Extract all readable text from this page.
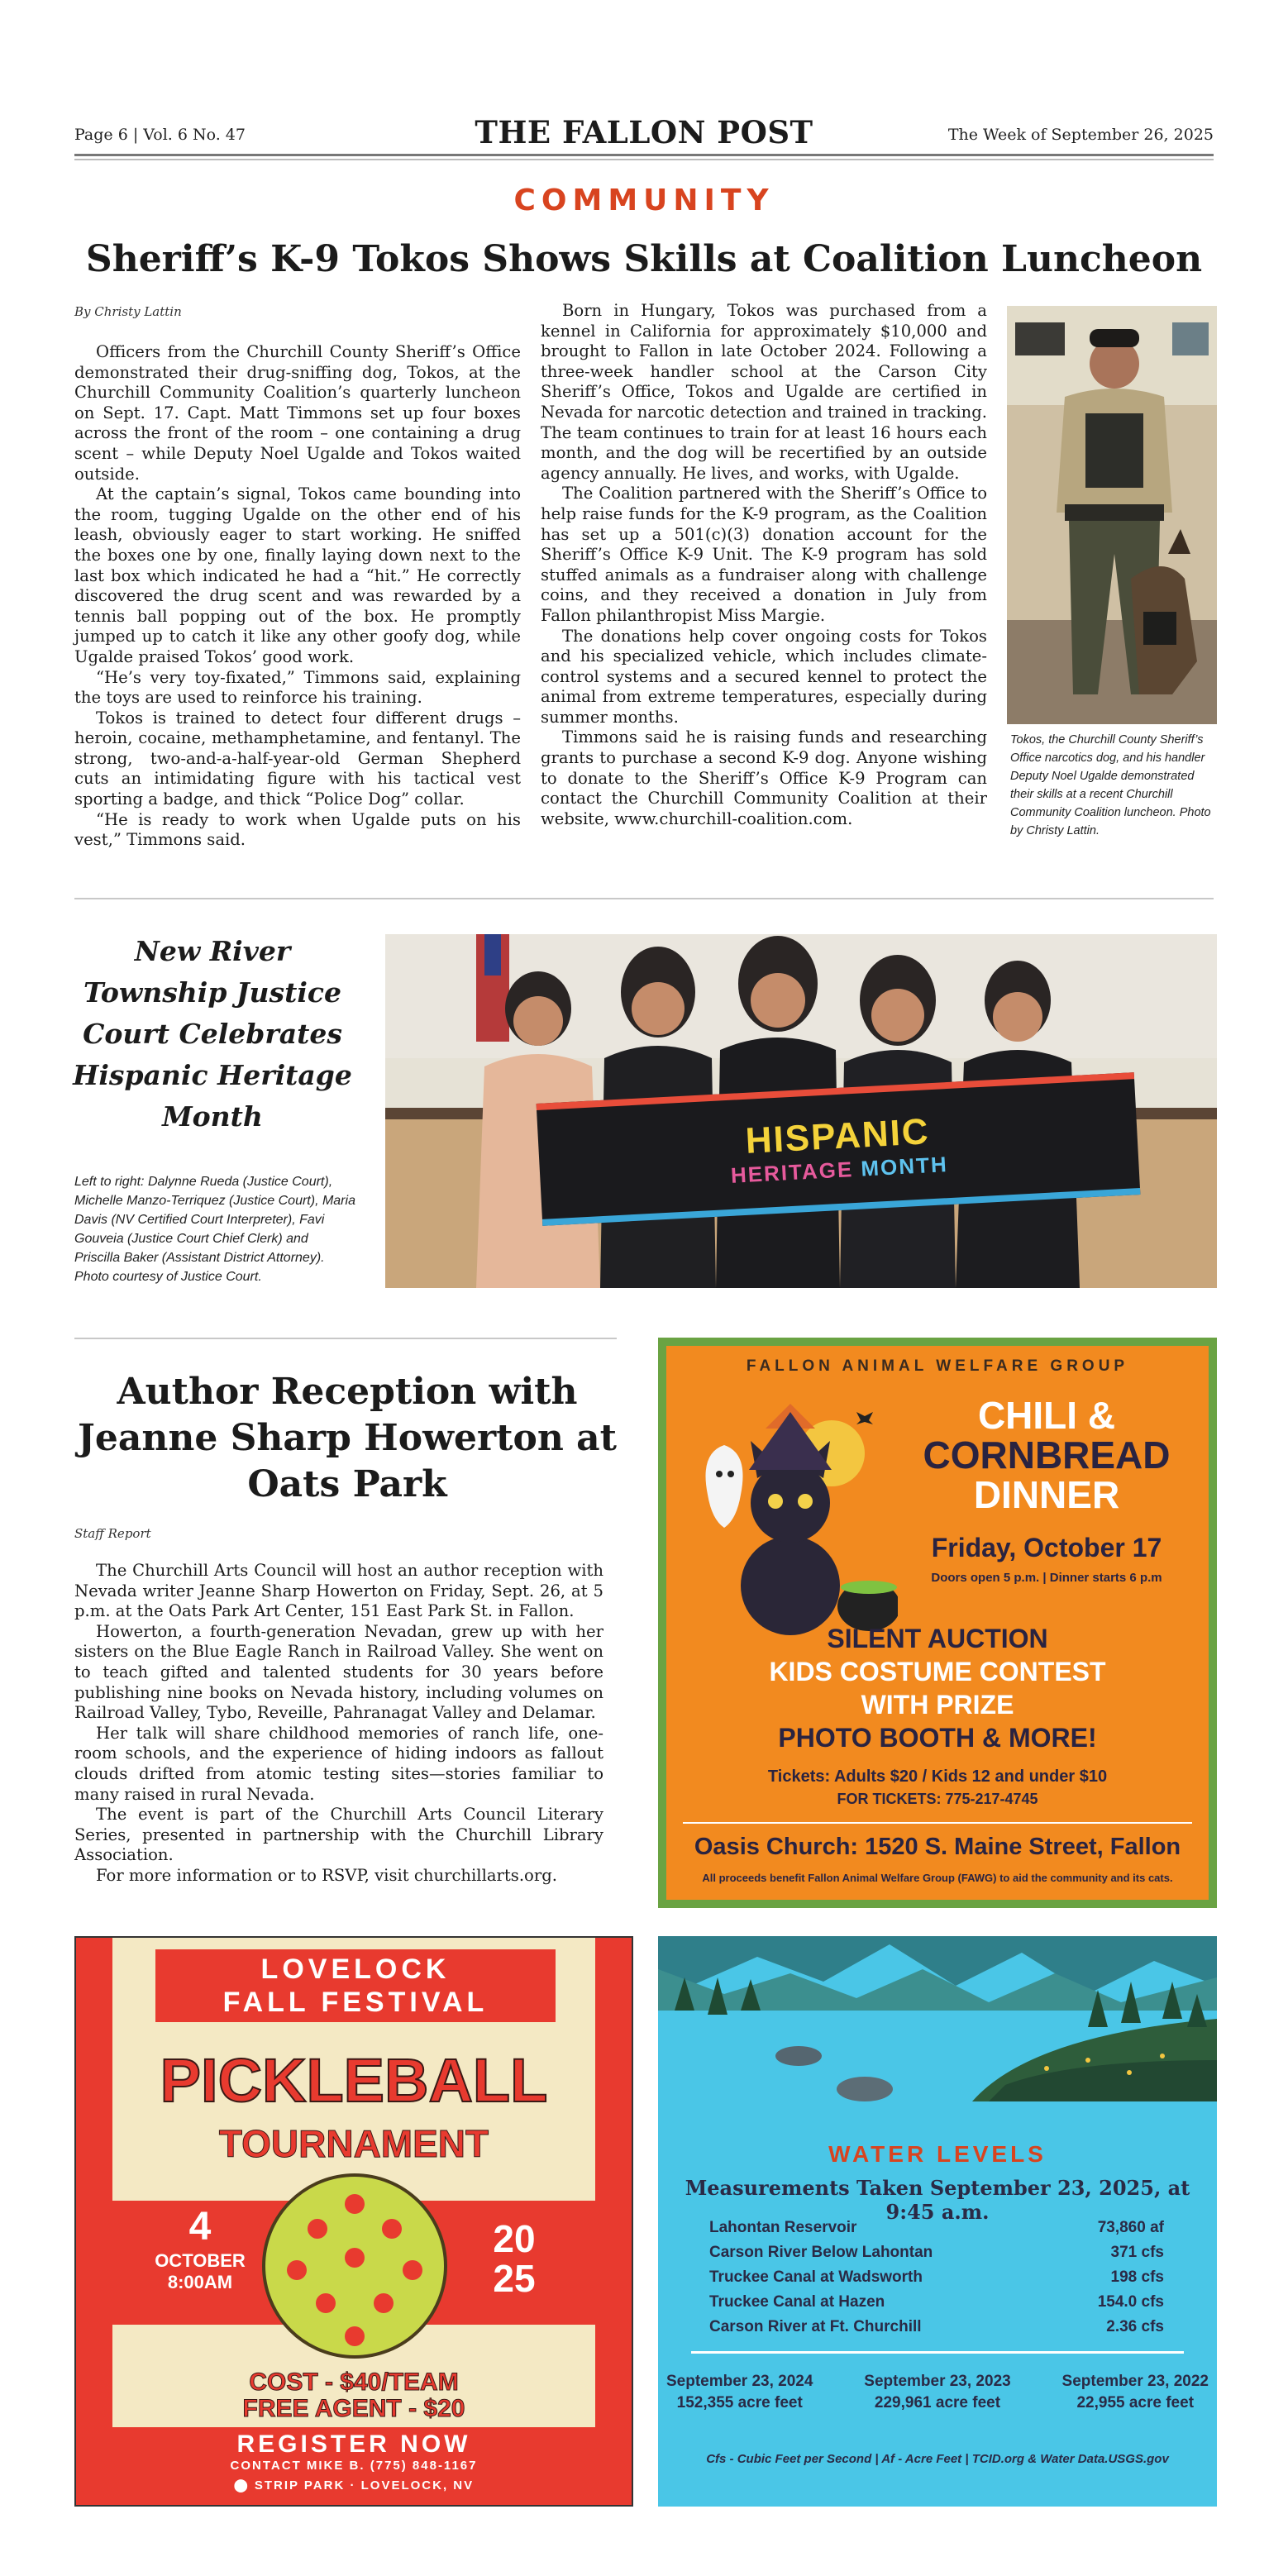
Page 6 | Vol. 6 No. 47	THE FALLON POST	The Week of September 26, 2025
COMMUNITY
Sheriff’s K-9 Tokos Shows Skills at Coalition Luncheon
By Christy Lattin

Officers from the Churchill County Sheriff’s Office demonstrated their drug-sniffing dog, Tokos, at the Churchill Community Coalition’s quarterly luncheon on Sept. 17. Capt. Matt Timmons set up four boxes across the front of the room – one containing a drug scent – while Deputy Noel Ugalde and Tokos waited outside.

At the captain’s signal, Tokos came bounding into the room, tugging Ugalde on the other end of his leash, obviously eager to start working. He sniffed the boxes one by one, finally laying down next to the last box which indicated he had a “hit.” He correctly discovered the drug scent and was rewarded by a tennis ball popping out of the box. He promptly jumped up to catch it like any other goofy dog, while Ugalde praised Tokos’ good work.

“He’s very toy-fixated,” Timmons said, explaining the toys are used to reinforce his training.

Tokos is trained to detect four different drugs – heroin, cocaine, methamphetamine, and fentanyl. The strong, two-and-a-half-year-old German Shepherd cuts an intimidating figure with his tactical vest sporting a badge, and thick “Police Dog” collar.

“He is ready to work when Ugalde puts on his vest,” Timmons said.

Born in Hungary, Tokos was purchased from a kennel in California for approximately $10,000 and brought to Fallon in late October 2024. Following a three-week handler school at the Carson City Sheriff’s Office, Tokos and Ugalde are certified in Nevada for narcotic detection and trained in tracking. The team continues to train for at least 16 hours each month, and the dog will be recertified by an outside agency annually. He lives, and works, with Ugalde.

The Coalition partnered with the Sheriff’s Office to help raise funds for the K-9 program, as the Coalition has set up a 501(c)(3) donation account for the Sheriff’s Office K-9 Unit. The K-9 program has sold stuffed animals as a fundraiser along with challenge coins, and they received a donation in July from Fallon philanthropist Miss Margie.

The donations help cover ongoing costs for Tokos and his specialized vehicle, which includes climate-control systems and a secured kennel to protect the animal from extreme temperatures, especially during summer months.

Timmons said he is raising funds and researching grants to purchase a second K-9 dog. Anyone wishing to donate to the Sheriff’s Office K-9 Program can contact the Churchill Community Coalition at their website, www.churchill-coalition.com.

Tokos, the Churchill County Sheriff’s Office narcotics dog, and his handler Deputy Noel Ugalde demonstrated their skills at a recent Churchill Community Coalition luncheon. Photo by Christy Lattin.
New River Township Justice Court Celebrates Hispanic Heritage Month
Left to right: Dalynne Rueda (Justice Court), Michelle Manzo-Terriquez (Justice Court), Maria Davis (NV Certified Court Interpreter), Favi Gouveia (Justice Court Chief Clerk) and Priscilla Baker (Assistant District Attorney). Photo courtesy of Justice Court.
HISPANIC
HERITAGE MONTH
Author Reception with Jeanne Sharp Howerton at Oats Park
Staff Report

The Churchill Arts Council will host an author reception with Nevada writer Jeanne Sharp Howerton on Friday, Sept. 26, at 5 p.m. at the Oats Park Art Center, 151 East Park St. in Fallon.

Howerton, a fourth-generation Nevadan, grew up with her sisters on the Blue Eagle Ranch in Railroad Valley. She went on to teach gifted and talented students for 30 years before publishing nine books on Nevada history, including volumes on Railroad Valley, Tybo, Reveille, Pahranagat Valley and Delamar.

Her talk will share childhood memories of ranch life, one-room schools, and the experience of hiding indoors as fallout clouds drifted from atomic testing sites—stories familiar to many raised in rural Nevada.

The event is part of the Churchill Arts Council Literary Series, presented in partnership with the Churchill Library Association.

For more information or to RSVP, visit churchillarts.org.

FALLON ANIMAL WELFARE GROUP
CHILI &
CORNBREAD
DINNER
Friday, October 17
Doors open 5 p.m. | Dinner starts 6 p.m
SILENT AUCTION
KIDS COSTUME CONTEST
WITH PRIZE
PHOTO BOOTH & MORE!
Tickets: Adults $20 / Kids 12 and under $10
FOR TICKETS: 775-217-4745
Oasis Church: 1520 S. Maine Street, Fallon
All proceeds benefit Fallon Animal Welfare Group (FAWG) to aid the community and its cats.
LOVELOCK
FALL FESTIVAL
PICKLEBALL
TOURNAMENT
4
OCTOBER
8:00AM
20
25
COST - $40/TEAM
FREE AGENT - $20
REGISTER NOW
CONTACT MIKE B. (775) 848-1167
⬤ STRIP PARK · LOVELOCK, NV
WATER LEVELS
Measurements Taken September 23, 2025, at 9:45 a.m.
Lahontan Reservoir	73,860 af
Carson River Below Lahontan	371 cfs
Truckee Canal at Wadsworth	198 cfs
Truckee Canal at Hazen	154.0 cfs
Carson River at Ft. Churchill	2.36 cfs
September 23, 2024
152,355 acre feet
September 23, 2023
229,961 acre feet
September 23, 2022
22,955 acre feet
Cfs - Cubic Feet per Second | Af - Acre Feet | TCID.org & Water Data.USGS.gov
